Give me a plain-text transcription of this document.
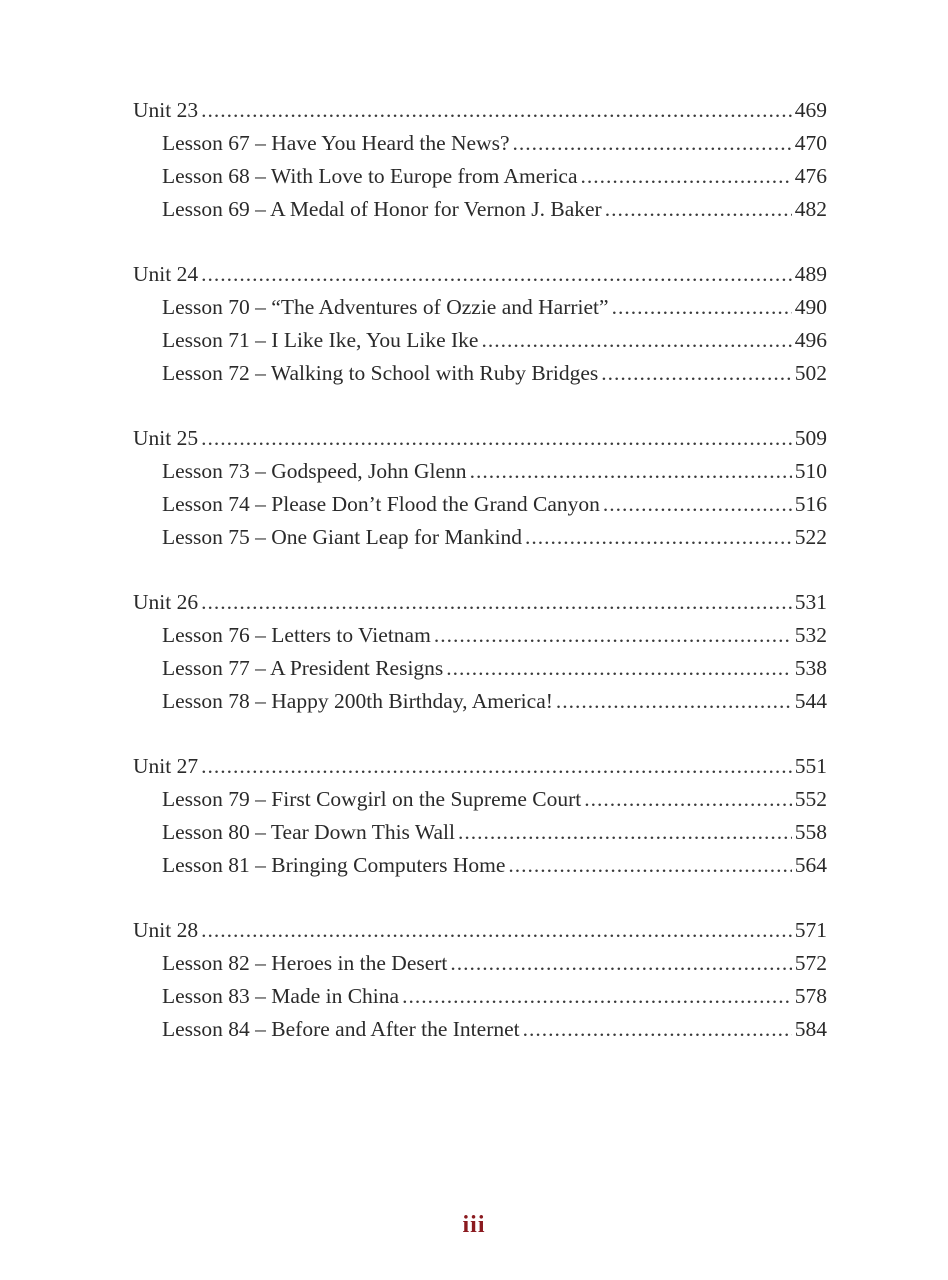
Unit 23 .....	469
Lesson 67 – Have You Heard the News? .....	470
Lesson 68 – With Love to Europe from America .....	476
Lesson 69 – A Medal of Honor for Vernon J. Baker .....	482
Unit 24 .....	489
Lesson 70 – “The Adventures of Ozzie and Harriet” .....	490
Lesson 71 – I Like Ike, You Like Ike .....	496
Lesson 72 – Walking to School with Ruby Bridges .....	502
Unit 25 .....	509
Lesson 73 – Godspeed, John Glenn .....	510
Lesson 74 – Please Don’t Flood the Grand Canyon .....	516
Lesson 75 – One Giant Leap for Mankind .....	522
Unit 26 .....	531
Lesson 76 – Letters to Vietnam .....	532
Lesson 77 – A President Resigns .....	538
Lesson 78 – Happy 200th Birthday, America! .....	544
Unit 27 .....	551
Lesson 79 – First Cowgirl on the Supreme Court .....	552
Lesson 80 – Tear Down This Wall .....	558
Lesson 81 – Bringing Computers Home .....	564
Unit 28 .....	571
Lesson 82 – Heroes in the Desert .....	572
Lesson 83 – Made in China .....	578
Lesson 84 – Before and After the Internet .....	584
iii
